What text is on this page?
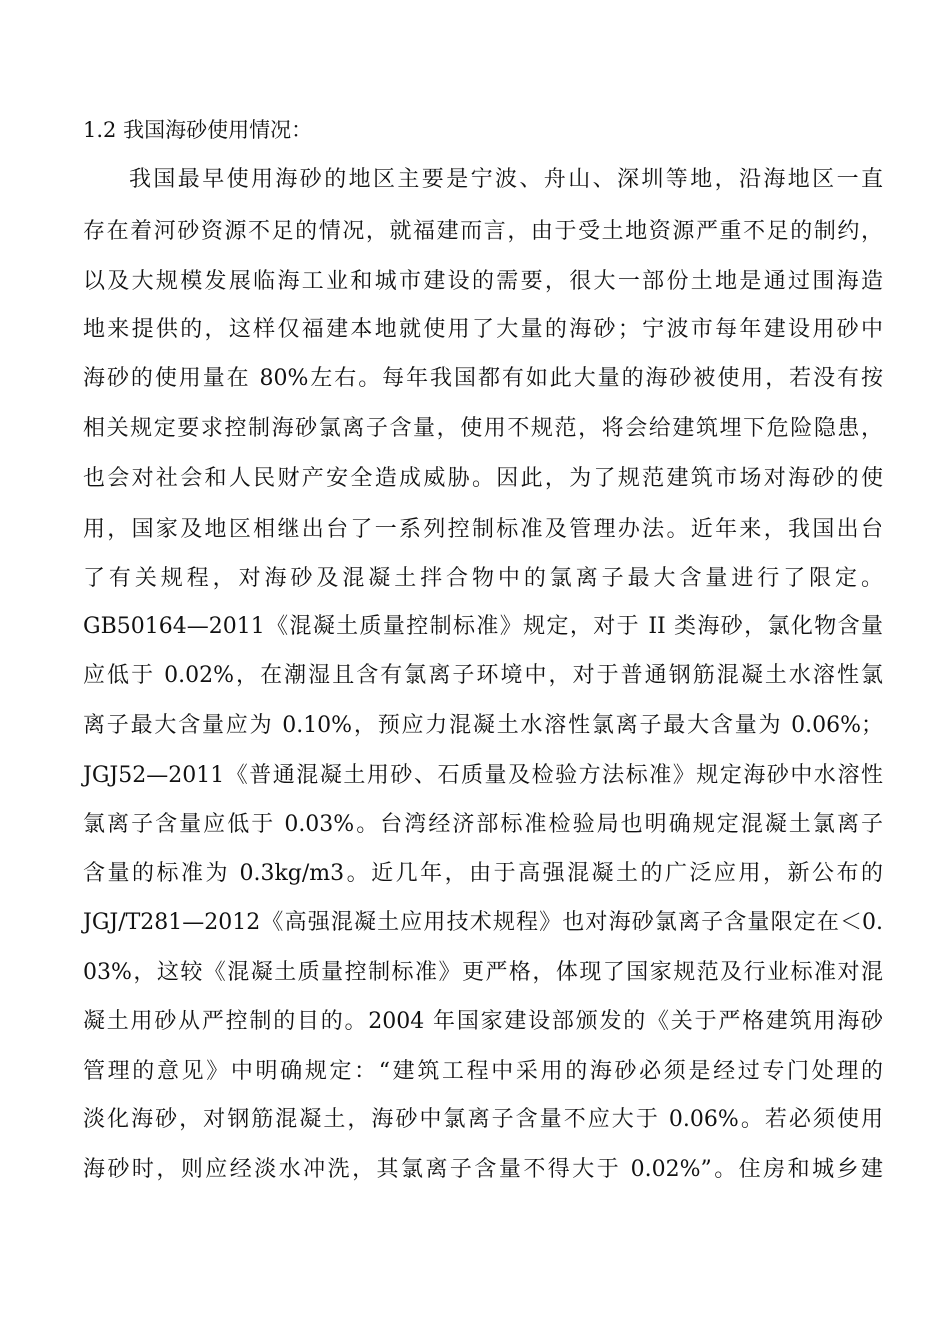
1.2 我国海砂使用情况：
我国最早使用海砂的地区主要是宁波、舟山、深圳等地，沿海地区一直
存在着河砂资源不足的情况，就福建而言，由于受土地资源严重不足的制约，
以及大规模发展临海工业和城市建设的需要，很大一部份土地是通过围海造
地来提供的，这样仅福建本地就使用了大量的海砂；宁波市每年建设用砂中
海砂的使用量在 80%左右。每年我国都有如此大量的海砂被使用，若没有按
相关规定要求控制海砂氯离子含量，使用不规范，将会给建筑埋下危险隐患，
也会对社会和人民财产安全造成威胁。因此，为了规范建筑市场对海砂的使
用，国家及地区相继出台了一系列控制标准及管理办法。近年来，我国出台
了有关规程，对海砂及混凝土拌合物中的氯离子最大含量进行了限定。
GB50164—2011《混凝土质量控制标准》规定，对于 II 类海砂，氯化物含量
应低于 0.02%，在潮湿且含有氯离子环境中，对于普通钢筋混凝土水溶性氯
离子最大含量应为 0.10%，预应力混凝土水溶性氯离子最大含量为 0.06%；
JGJ52—2011《普通混凝土用砂、石质量及检验方法标准》规定海砂中水溶性
氯离子含量应低于 0.03%。台湾经济部标准检验局也明确规定混凝土氯离子
含量的标准为 0.3kg/m3。近几年，由于高强混凝土的广泛应用，新公布的
JGJ/T281—2012《高强混凝土应用技术规程》也对海砂氯离子含量限定在＜0.
03%，这较《混凝土质量控制标准》更严格，体现了国家规范及行业标准对混
凝土用砂从严控制的目的。2004 年国家建设部颁发的《关于严格建筑用海砂
管理的意见》中明确规定：“建筑工程中采用的海砂必须是经过专门处理的
淡化海砂，对钢筋混凝土，海砂中氯离子含量不应大于 0.06%。若必须使用
海砂时，则应经淡水冲洗，其氯离子含量不得大于 0.02%”。住房和城乡建
